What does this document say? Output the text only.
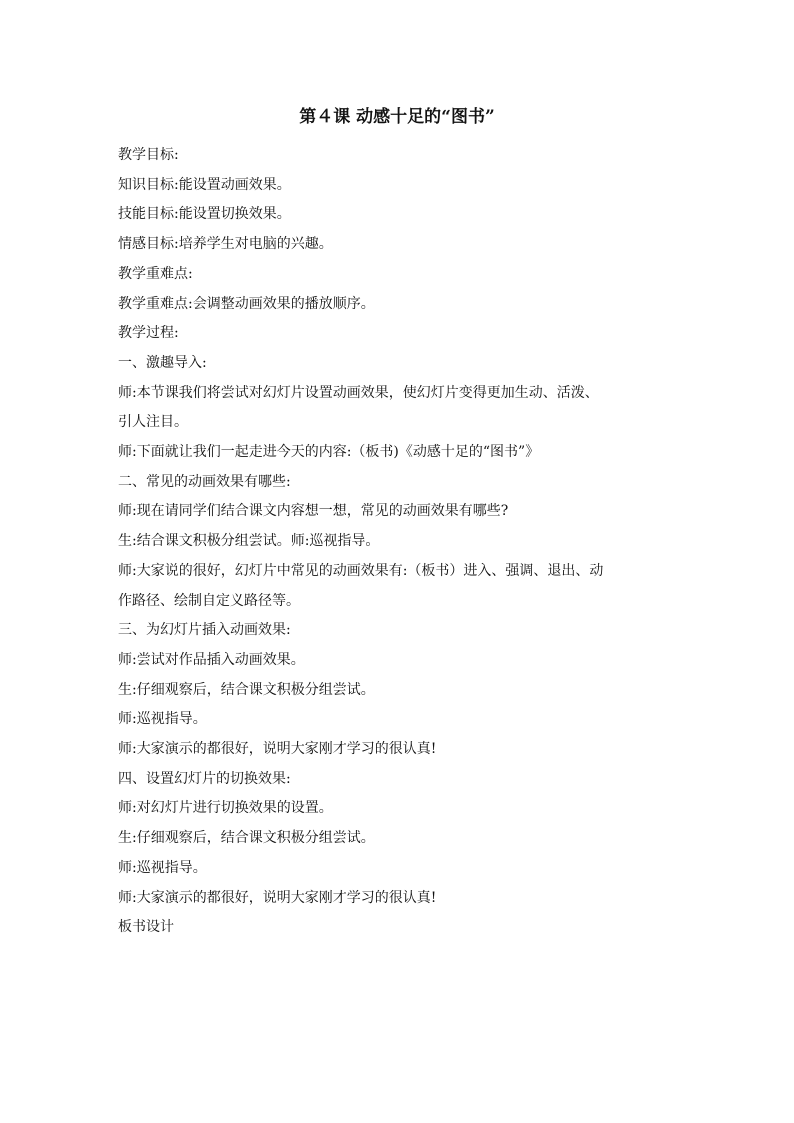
第４课 动感十足的“图书”

教学目标:

知识目标:能设置动画效果。

技能目标:能设置切换效果。

情感目标:培养学生对电脑的兴趣。

教学重难点:

教学重难点:会调整动画效果的播放顺序。

教学过程:

一、激趣导入:

师:本节课我们将尝试对幻灯片设置动画效果，使幻灯片变得更加生动、活泼、

引人注目。

师:下面就让我们一起走进今天的内容:（板书)《动感十足的“图书”》

二、常见的动画效果有哪些:

师:现在请同学们结合课文内容想一想，常见的动画效果有哪些?

生:结合课文积极分组尝试。师:巡视指导。

师:大家说的很好，幻灯片中常见的动画效果有:（板书）进入、强调、退出、动

作路径、绘制自定义路径等。

三、为幻灯片插入动画效果:

师:尝试对作品插入动画效果。

生:仔细观察后，结合课文积极分组尝试。

师:巡视指导。

师:大家演示的都很好，说明大家刚才学习的很认真!

四、设置幻灯片的切换效果:

师:对幻灯片进行切换效果的设置。

生:仔细观察后，结合课文积极分组尝试。

师:巡视指导。

师:大家演示的都很好，说明大家刚才学习的很认真!

板书设计
